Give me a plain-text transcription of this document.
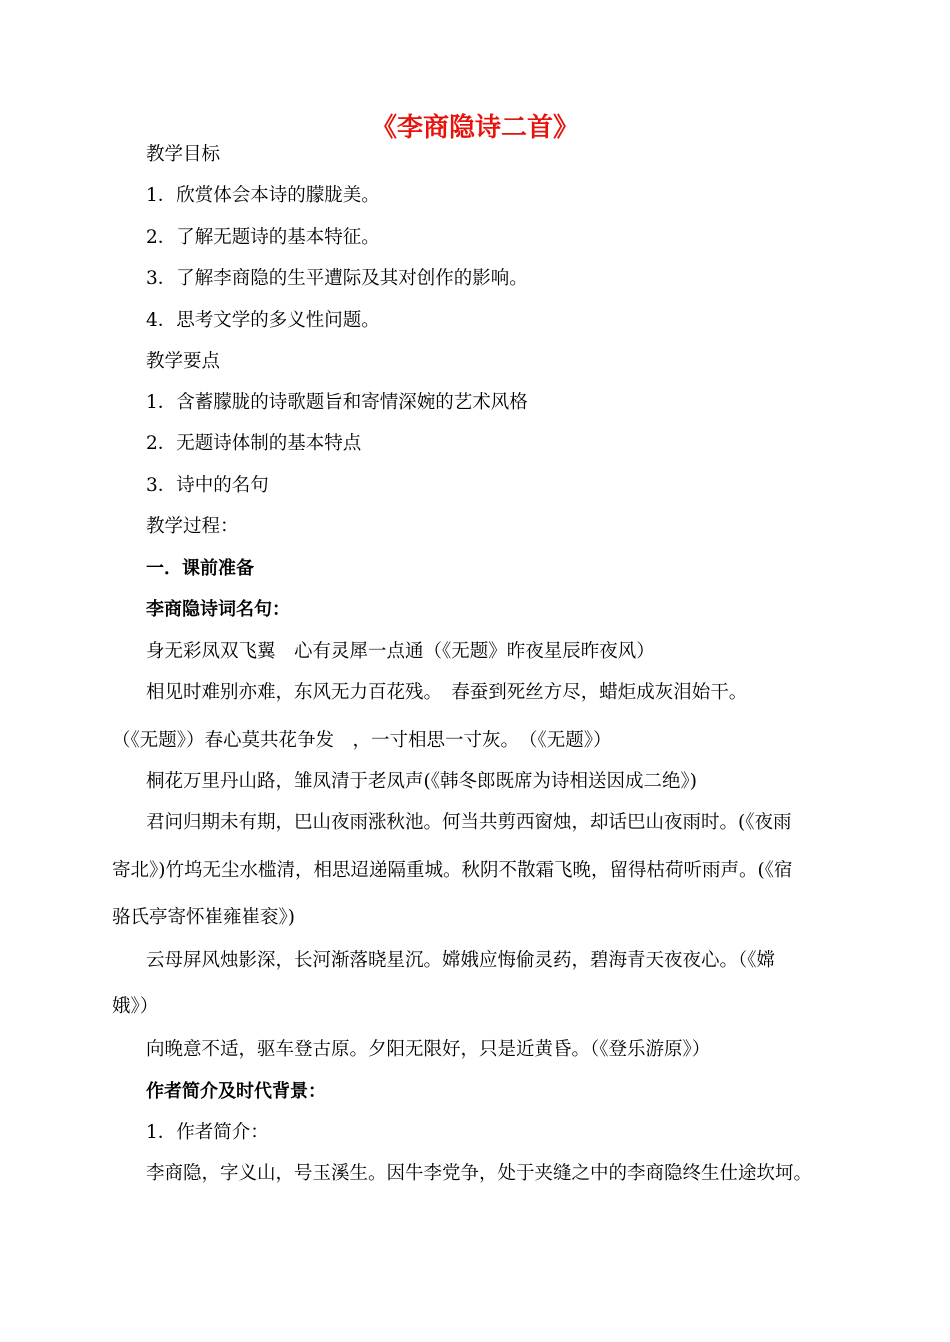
《李商隐诗二首》
教学目标
1．欣赏体会本诗的朦胧美。
2．了解无题诗的基本特征。
3．了解李商隐的生平遭际及其对创作的影响。
4．思考文学的多义性问题。
教学要点
1．含蓄朦胧的诗歌题旨和寄情深婉的艺术风格
2．无题诗体制的基本特点
3．诗中的名句
教学过程：
一．课前准备
李商隐诗词名句：
身无彩凤双飞翼　心有灵犀一点通（《无题》昨夜星辰昨夜风）
相见时难别亦难，东风无力百花残。　春蚕到死丝方尽，蜡炬成灰泪始干。
（《无题》）春心莫共花争发　，一寸相思一寸灰。　（《无题》）
桐花万里丹山路，雏凤清于老凤声(《韩冬郎既席为诗相送因成二绝》)
君问归期未有期，巴山夜雨涨秋池。何当共剪西窗烛，却话巴山夜雨时。(《夜雨
寄北》)竹坞无尘水槛清，相思迢递隔重城。秋阴不散霜飞晚，留得枯荷听雨声。(《宿
骆氏亭寄怀崔雍崔衮》)
云母屏风烛影深，长河渐落晓星沉。嫦娥应悔偷灵药，碧海青天夜夜心。（《嫦
娥》）
向晚意不适，驱车登古原。夕阳无限好，只是近黄昏。（《登乐游原》）
作者简介及时代背景：
1．作者简介：
李商隐，字义山，号玉溪生。因牛李党争，处于夹缝之中的李商隐终生仕途坎坷。
